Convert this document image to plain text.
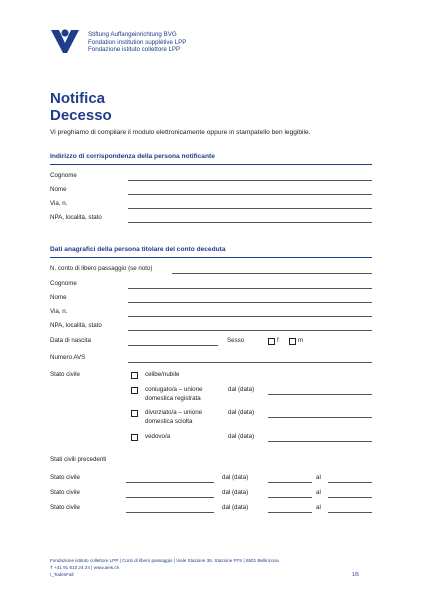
Stiftung Auffangeinrichtung BVG
Fondation institution supplétive LPP
Fondazione istituto collettore LPP
Notifica
Decesso
Vi preghiamo di compilare il modulo elettronicamente oppure in stampatello ben leggibile.
Indirizzo di corrispondenza della persona notificante
Cognome
Nome
Via, n.
NPA, località, stato
Dati anagrafici della persona titolare del conto deceduta
N. conto di libero passaggio (se noto)
Cognome
Nome
Via, n.
NPA, località, stato
Data di nascita	Sesso	f	m
Numero AVS
Stato civile	celibe/nubile
coniugato/a – unione
domestica registrata
dal (data)
divorziato/a – unione
domestica sciolta
dal (data)
vedovo/a	dal (data)
Stati civili precedenti
Stato civile	dal (data)	al
Stato civile	dal (data)	al
Stato civile	dal (data)	al
Fondazione istituto collettore LPP | Conti di libero passaggio | Viale Stazione 36, Stazione FFS | 6501 Bellinzona
T +41 91 610 24 24 | www.aeis.ch
I_TodesFall	1/5
